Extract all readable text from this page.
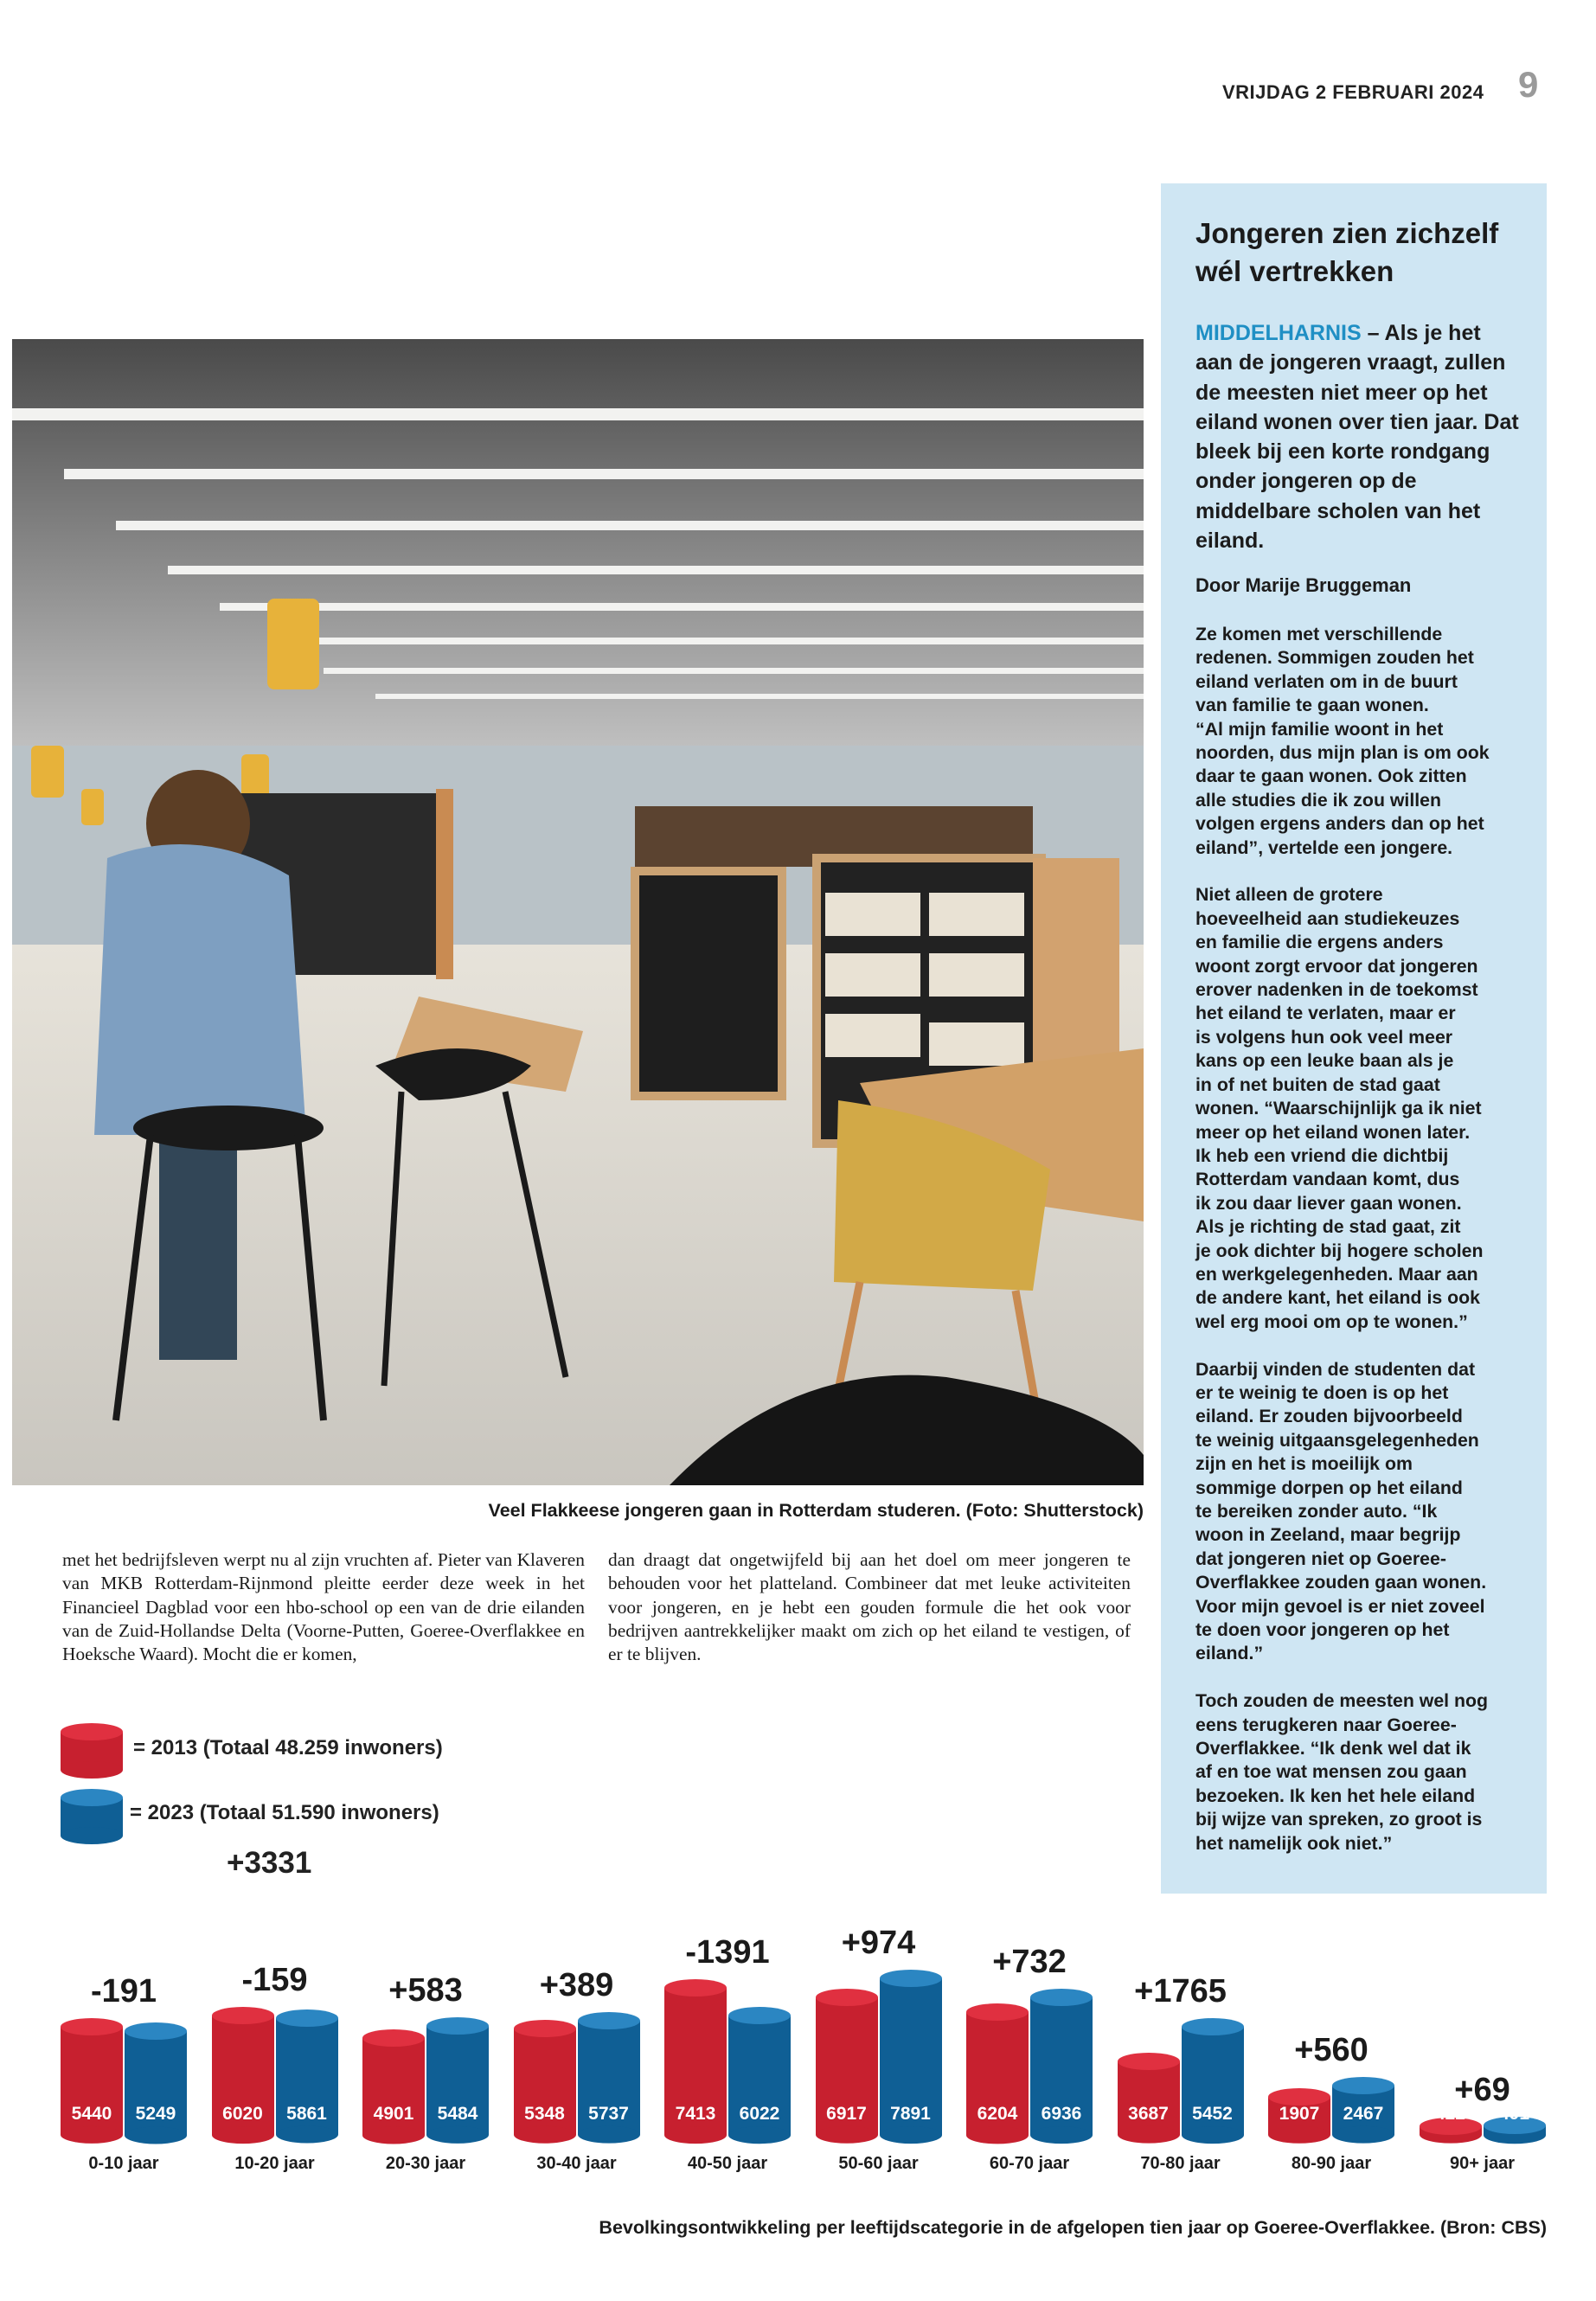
VRIJDAG 2 FEBRUARI 2024 9
Jongeren zien zichzelf wél vertrekken
MIDDELHARNIS – Als je het aan de jongeren vraagt, zullen de meesten niet meer op het eiland wonen over tien jaar. Dat bleek bij een korte rondgang onder jongeren op de middelbare scholen van het eiland.
Door Marije Bruggeman

Ze komen met verschillende
redenen. Sommigen zouden het
eiland verlaten om in de buurt
van familie te gaan wonen.
“Al mijn familie woont in het
noorden, dus mijn plan is om ook
daar te gaan wonen. Ook zitten
alle studies die ik zou willen
volgen ergens anders dan op het
eiland”, vertelde een jongere.

Niet alleen de grotere
hoeveelheid aan studiekeuzes
en familie die ergens anders
woont zorgt ervoor dat jongeren
erover nadenken in de toekomst
het eiland te verlaten, maar er
is volgens hun ook veel meer
kans op een leuke baan als je
in of net buiten de stad gaat
wonen. “Waarschijnlijk ga ik niet
meer op het eiland wonen later.
Ik heb een vriend die dichtbij
Rotterdam vandaan komt, dus
ik zou daar liever gaan wonen.
Als je richting de stad gaat, zit
je ook dichter bij hogere scholen
en werkgelegenheden. Maar aan
de andere kant, het eiland is ook
wel erg mooi om op te wonen.”

Daarbij vinden de studenten dat
er te weinig te doen is op het
eiland. Er zouden bijvoorbeeld
te weinig uitgaansgelegenheden
zijn en het is moeilijk om
sommige dorpen op het eiland
te bereiken zonder auto. “Ik
woon in Zeeland, maar begrijp
dat jongeren niet op Goeree-
Overflakkee zouden gaan wonen.
Voor mijn gevoel is er niet zoveel
te doen voor jongeren op het
eiland.”

Toch zouden de meesten wel nog
eens terugkeren naar Goeree-
Overflakkee. “Ik denk wel dat ik
af en toe wat mensen zou gaan
bezoeken. Ik ken het hele eiland
bij wijze van spreken, zo groot is
het namelijk ook niet.”

Veel Flakkeese jongeren gaan in Rotterdam studeren. (Foto: Shutterstock)
met het bedrijfsleven werpt nu al zijn vruchten af. Pieter van Klaveren van MKB Rotterdam-Rijnmond pleitte eerder deze week in het Financieel Dagblad voor een hbo-school op een van de drie eilanden van de Zuid-Hollandse Delta (Voorne-Putten, Goeree-Overflakkee en Hoeksche Waard). Mocht die er komen,
dan draagt dat ongetwijfeld bij aan het doel om meer jongeren te behouden voor het platteland. Combineer dat met leuke activiteiten voor jongeren, en je hebt een gouden formule die het ook voor bedrijven aantrekkelijker maakt om zich op het eiland te vestigen, of er te blijven.
= 2013 (Totaal 48.259 inwoners)
= 2023 (Totaal 51.590 inwoners)
+3331
5440	5249
-191
0-10 jaar
6020	5861
-159
10-20 jaar
4901	5484
+583
20-30 jaar
5348	5737
+389
30-40 jaar
7413	6022
-1391
40-50 jaar
6917	7891
+974
50-60 jaar
6204	6936
+732
60-70 jaar
3687	5452
+1765
70-80 jaar
1907	2467
+560
80-90 jaar
422	491
+69
90+ jaar
Bevolkingsontwikkeling per leeftijdscategorie in de afgelopen tien jaar op Goeree-Overflakkee. (Bron: CBS)
